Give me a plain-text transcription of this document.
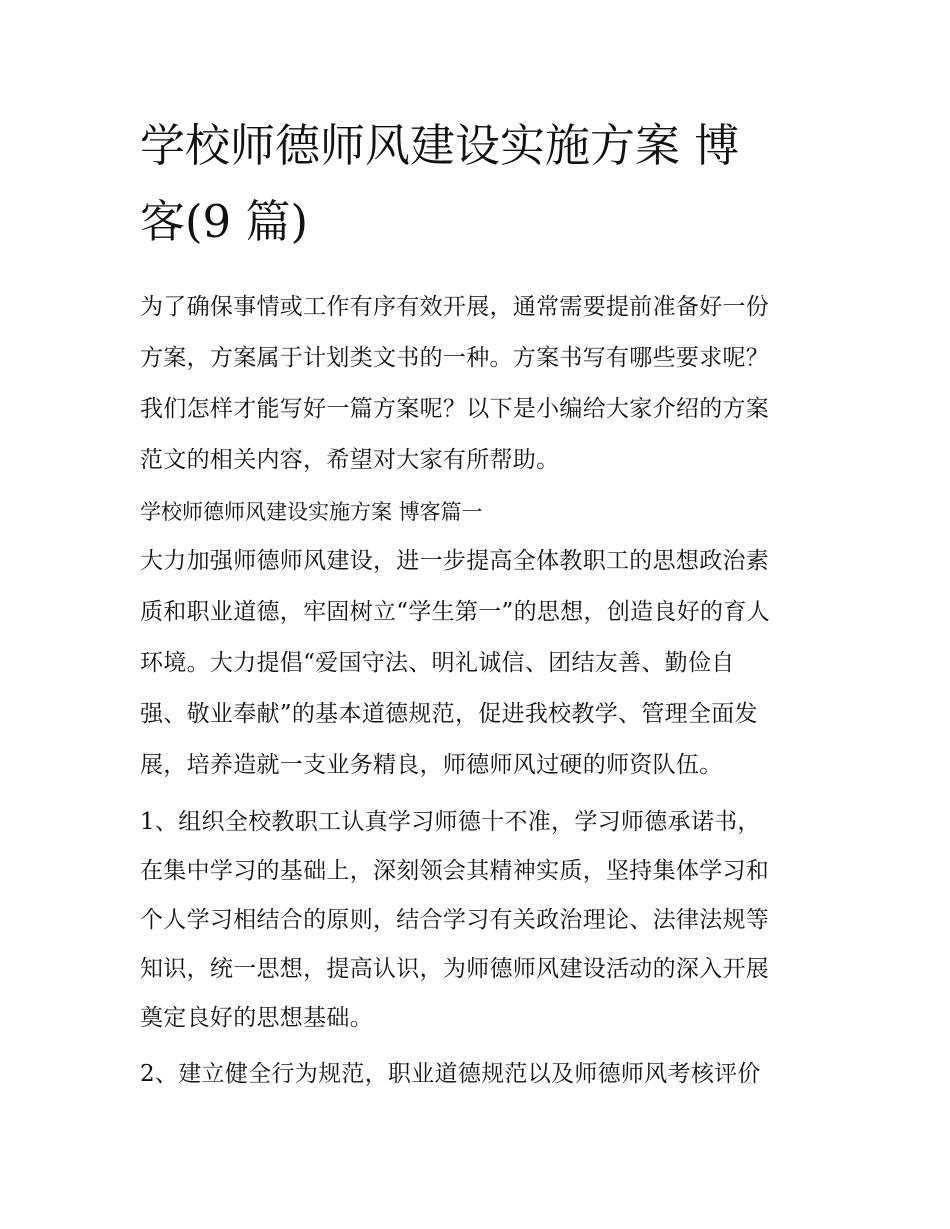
学校师德师风建设实施方案 博
客(9 篇)
为了确保事情或工作有序有效开展，通常需要提前准备好一份
方案，方案属于计划类文书的一种。方案书写有哪些要求呢？
我们怎样才能写好一篇方案呢？以下是小编给大家介绍的方案
范文的相关内容，希望对大家有所帮助。
学校师德师风建设实施方案 博客篇一
大力加强师德师风建设，进一步提高全体教职工的思想政治素
质和职业道德，牢固树立“学生第一”的思想，创造良好的育人
环境。大力提倡“爱国守法、明礼诚信、团结友善、勤俭自
强、敬业奉献”的基本道德规范，促进我校教学、管理全面发
展，培养造就一支业务精良，师德师风过硬的师资队伍。
1、组织全校教职工认真学习师德十不准，学习师德承诺书，
在集中学习的基础上，深刻领会其精神实质，坚持集体学习和
个人学习相结合的原则，结合学习有关政治理论、法律法规等
知识，统一思想，提高认识，为师德师风建设活动的深入开展
奠定良好的思想基础。
2、建立健全行为规范，职业道德规范以及师德师风考核评价
